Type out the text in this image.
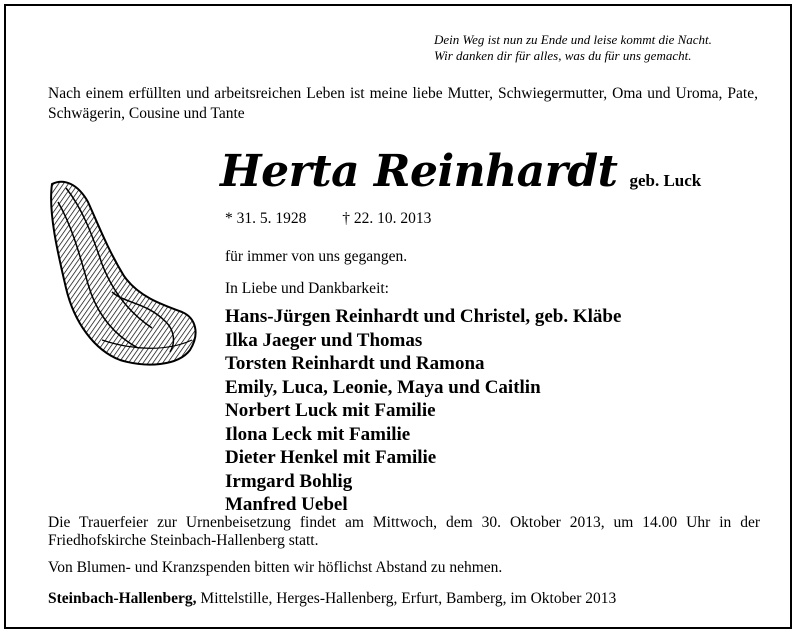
Dein Weg ist nun zu Ende und leise kommt die Nacht.
Wir danken dir für alles, was du für uns gemacht.
Nach einem erfüllten und arbeitsreichen Leben ist meine liebe Mutter, Schwiegermutter, Oma und Uroma, Pate, Schwägerin, Cousine und Tante
Herta Reinhardt geb. Luck
* 31. 5. 1928 † 22. 10. 2013
für immer von uns gegangen.
In Liebe und Dankbarkeit:
Hans-Jürgen Reinhardt und Christel, geb. Kläbe
Ilka Jaeger und Thomas
Torsten Reinhardt und Ramona
Emily, Luca, Leonie, Maya und Caitlin
Norbert Luck mit Familie
Ilona Leck mit Familie
Dieter Henkel mit Familie
Irmgard Bohlig
Manfred Uebel
Die Trauerfeier zur Urnenbeisetzung findet am Mittwoch, dem 30. Oktober 2013, um 14.00 Uhr in der Friedhofskirche Steinbach-Hallenberg statt.
Von Blumen- und Kranzspenden bitten wir höflichst Abstand zu nehmen.
Steinbach-Hallenberg, Mittelstille, Herges-Hallenberg, Erfurt, Bamberg, im Oktober 2013
